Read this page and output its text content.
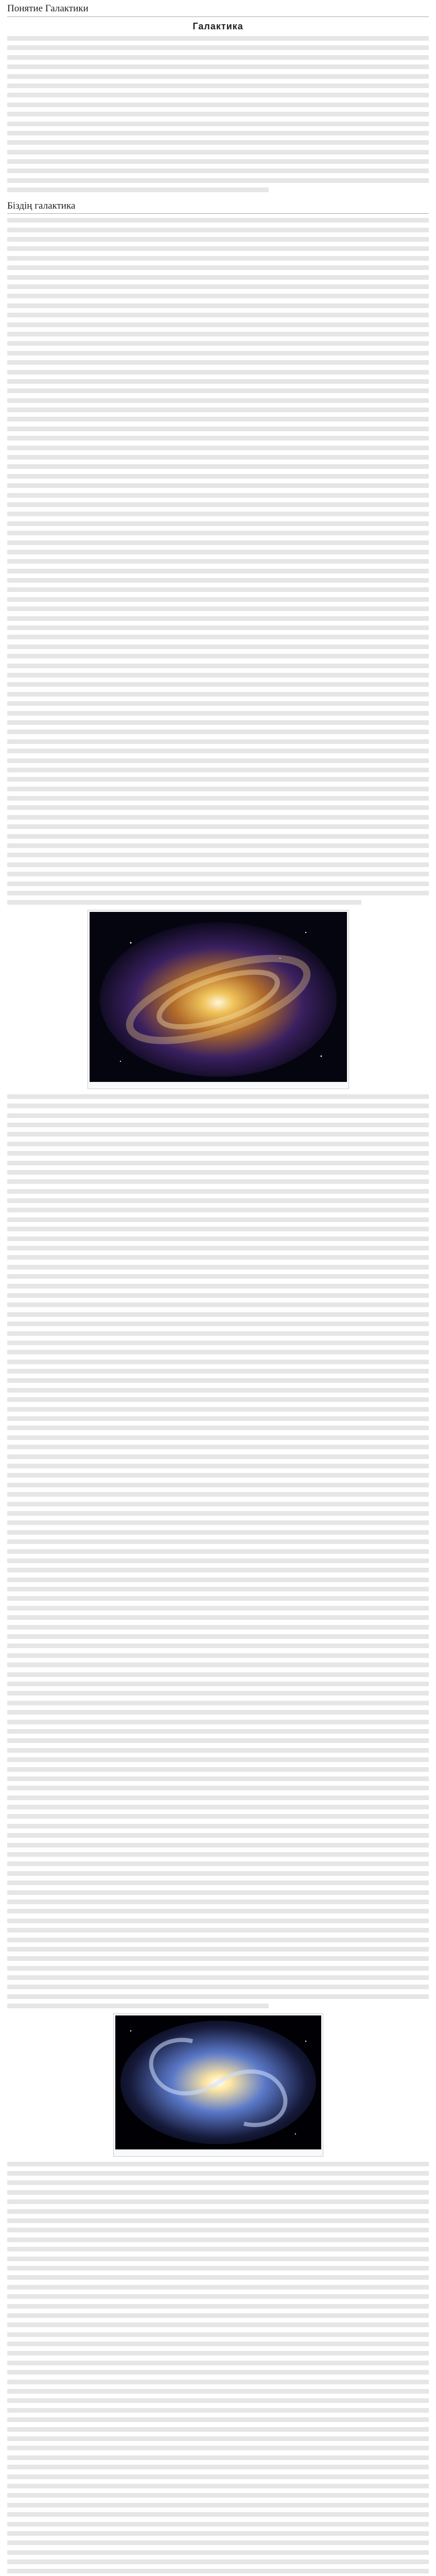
Понятие Галактики
Галактика
Біздің галактика
